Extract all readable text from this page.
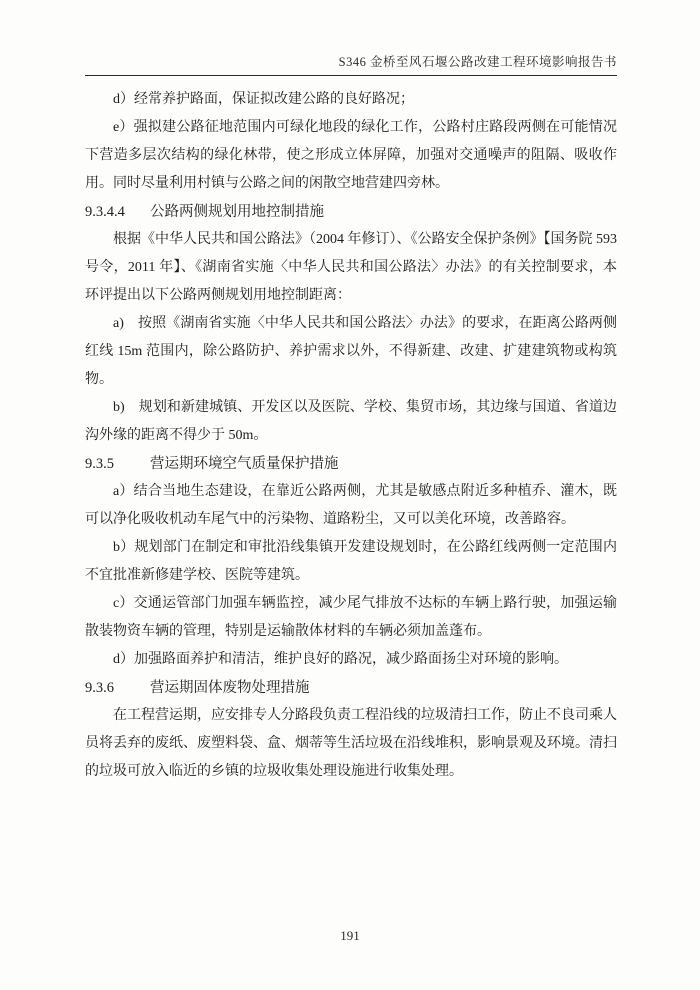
S346 金桥至风石堰公路改建工程环境影响报告书

d）经常养护路面，保证拟改建公路的良好路况；

e）强拟建公路征地范围内可绿化地段的绿化工作，公路村庄路段两侧在可能情况下营造多层次结构的绿化林带，使之形成立体屏障，加强对交通噪声的阻隔、吸收作用。同时尽量利用村镇与公路之间的闲散空地营建四旁林。

9.3.4.4 公路两侧规划用地控制措施

根据《中华人民共和国公路法》（2004 年修订）、《公路安全保护条例》【国务院 593 号令，2011 年】、《湖南省实施〈中华人民共和国公路法〉办法》的有关控制要求，本环评提出以下公路两侧规划用地控制距离：

a)　按照《湖南省实施〈中华人民共和国公路法〉办法》的要求，在距离公路两侧红线 15m 范围内，除公路防护、养护需求以外，不得新建、改建、扩建建筑物或构筑物。

b)　规划和新建城镇、开发区以及医院、学校、集贸市场，其边缘与国道、省道边沟外缘的距离不得少于 50m。

9.3.5 营运期环境空气质量保护措施

a）结合当地生态建设，在靠近公路两侧，尤其是敏感点附近多种植乔、灌木，既可以净化吸收机动车尾气中的污染物、道路粉尘，又可以美化环境，改善路容。

b）规划部门在制定和审批沿线集镇开发建设规划时，在公路红线两侧一定范围内不宜批准新修建学校、医院等建筑。

c）交通运管部门加强车辆监控，减少尾气排放不达标的车辆上路行驶，加强运输散装物资车辆的管理，特别是运输散体材料的车辆必须加盖蓬布。

d）加强路面养护和清洁，维护良好的路况，减少路面扬尘对环境的影响。

9.3.6 营运期固体废物处理措施

在工程营运期，应安排专人分路段负责工程沿线的垃圾清扫工作，防止不良司乘人员将丢弃的废纸、废塑料袋、盒、烟蒂等生活垃圾在沿线堆积，影响景观及环境。清扫的垃圾可放入临近的乡镇的垃圾收集处理设施进行收集处理。

191
